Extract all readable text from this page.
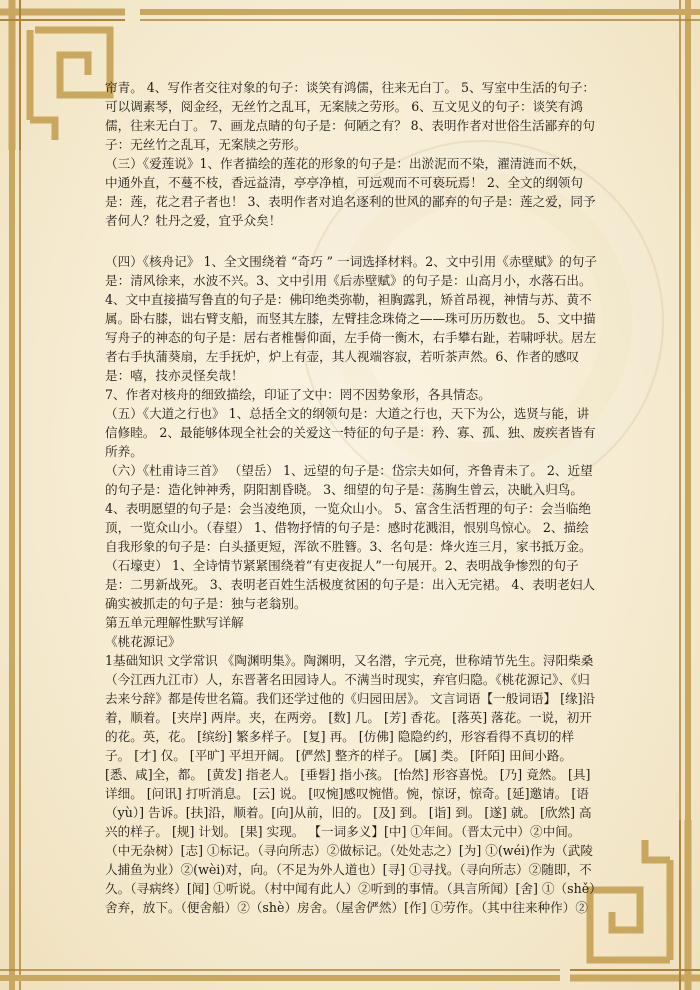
帘青。 4、写作者交往对象的句子：谈笑有鸿儒，往来无白丁。 5、写室中生活的句子：可以调素琴，阅金经，无丝竹之乱耳，无案牍之劳形。 6、互文见义的句子：谈笑有鸿儒，往来无白丁。 7、画龙点睛的句子是：何陋之有？ 8、表明作者对世俗生活鄙弃的句子：无丝竹之乱耳，无案牍之劳形。

（三）《爱莲说》1、作者描绘的莲花的形象的句子是：出淤泥而不染，濯清涟而不妖，中通外直，不蔓不枝，香远益清，亭亭净植，可远观而不可亵玩焉！ 2、全文的纲领句是：莲，花之君子者也！ 3、表明作者对追名逐利的世风的鄙弃的句子是：莲之爱，同予者何人？牡丹之爱，宜乎众矣！

（四）《核舟记》 1、全文围绕着 “奇巧 ” 一词选择材料。2、文中引用《赤壁赋》的句子是：清风徐来，水波不兴。3、文中引用《后赤壁赋》的句子是：山高月小，水落石出。4、文中直接描写鲁直的句子是：佛印绝类弥勒，袒胸露乳，矫首昂视，神情与苏、黄不属。卧右膝，诎右臂支船，而竖其左膝，左臂挂念珠倚之——珠可历历数也。 5、文中描写舟子的神态的句子是：居右者椎髻仰面，左手倚一衡木，右手攀右趾，若啸呼状。居左者右手执蒲葵扇，左手抚炉，炉上有壶，其人视端容寂，若听茶声然。6、作者的感叹是：嘻，技亦灵怪矣哉！

7、作者对核舟的细致描绘，印证了文中：罔不因势象形，各具情态。

（五）《大道之行也》 1、总括全文的纲领句是：大道之行也，天下为公，选贤与能，讲信修睦。 2、最能够体现全社会的关爱这一特征的句子是：矜、寡、孤、独、废疾者皆有所养。

（六）《杜甫诗三首》 （望岳） 1、远望的句子是：岱宗夫如何，齐鲁青未了。 2、近望的句子是：造化钟神秀，阴阳割昏晓。 3、细望的句子是：荡胸生曾云，决眦入归鸟。 4、表明愿望的句子是：会当凌绝顶，一览众山小。 5、富含生活哲理的句子：会当临绝顶，一览众山小。（春望） 1、借物抒情的句子是：感时花溅泪，恨别鸟惊心。 2、描绘自我形象的句子是：白头搔更短，浑欲不胜簪。3、名句是：烽火连三月，家书抵万金。（石壕吏） 1、全诗情节紧紧围绕着“有吏夜捉人”一句展开。2、表明战争惨烈的句子是：二男新战死。 3、表明老百姓生活极度贫困的句子是：出入无完裙。 4、表明老妇人确实被抓走的句子是：独与老翁别。

第五单元理解性默写详解

《桃花源记》

1基础知识 文学常识 《陶渊明集》。陶渊明，又名潜，字元亮，世称靖节先生。浔阳柴桑（今江西九江市）人，东晋著名田园诗人。不满当时现实，弃官归隐。《桃花源记》、《归去来兮辞》都是传世名篇。我们还学过他的《归园田居》。 文言词语【一般词语】 [缘]沿着，顺着。 [夹岸] 两岸。夹，在两旁。 [数] 几。 [芳] 香花。 [落英] 落花。一说，初开的花。英，花。 [缤纷] 繁多样子。 [复] 再。 [仿佛] 隐隐约约，形容看得不真切的样子。 [才] 仅。 [平旷] 平坦开阔。 [俨然] 整齐的样子。 [属] 类。 [阡陌] 田间小路。 [悉、咸]全，都。 [黄发] 指老人。 [垂髫] 指小孩。 [怡然] 形容喜悦。 [乃] 竟然。 [具] 详细。 [问讯] 打听消息。 [云] 说。 [叹惋]感叹惋惜。惋，惊讶，惊奇。[延]邀请。 [语（yù）] 告诉。[扶]沿，顺着。[向]从前，旧的。 [及] 到。 [诣] 到。 [遂] 就。 [欣然] 高兴的样子。 [规] 计划。 [果] 实现。 【一词多义】[中] ①年间。（晋太元中）②中间。（中无杂树）[志] ①标记。（寻向所志）②做标记。（处处志之）[为] ①(wéi)作为（武陵人捕鱼为业）②(wèi)对，向。（不足为外人道也）[寻] ①寻找。（寻向所志）②随即，不久。（寻病终）[闻] ①听说。（村中闻有此人）②听到的事情。（具言所闻）[舍] ①（shě）舍弃，放下。（便舍船）②（shè）房舍。（屋舍俨然）[作] ①劳作。（其中往来种作）②
